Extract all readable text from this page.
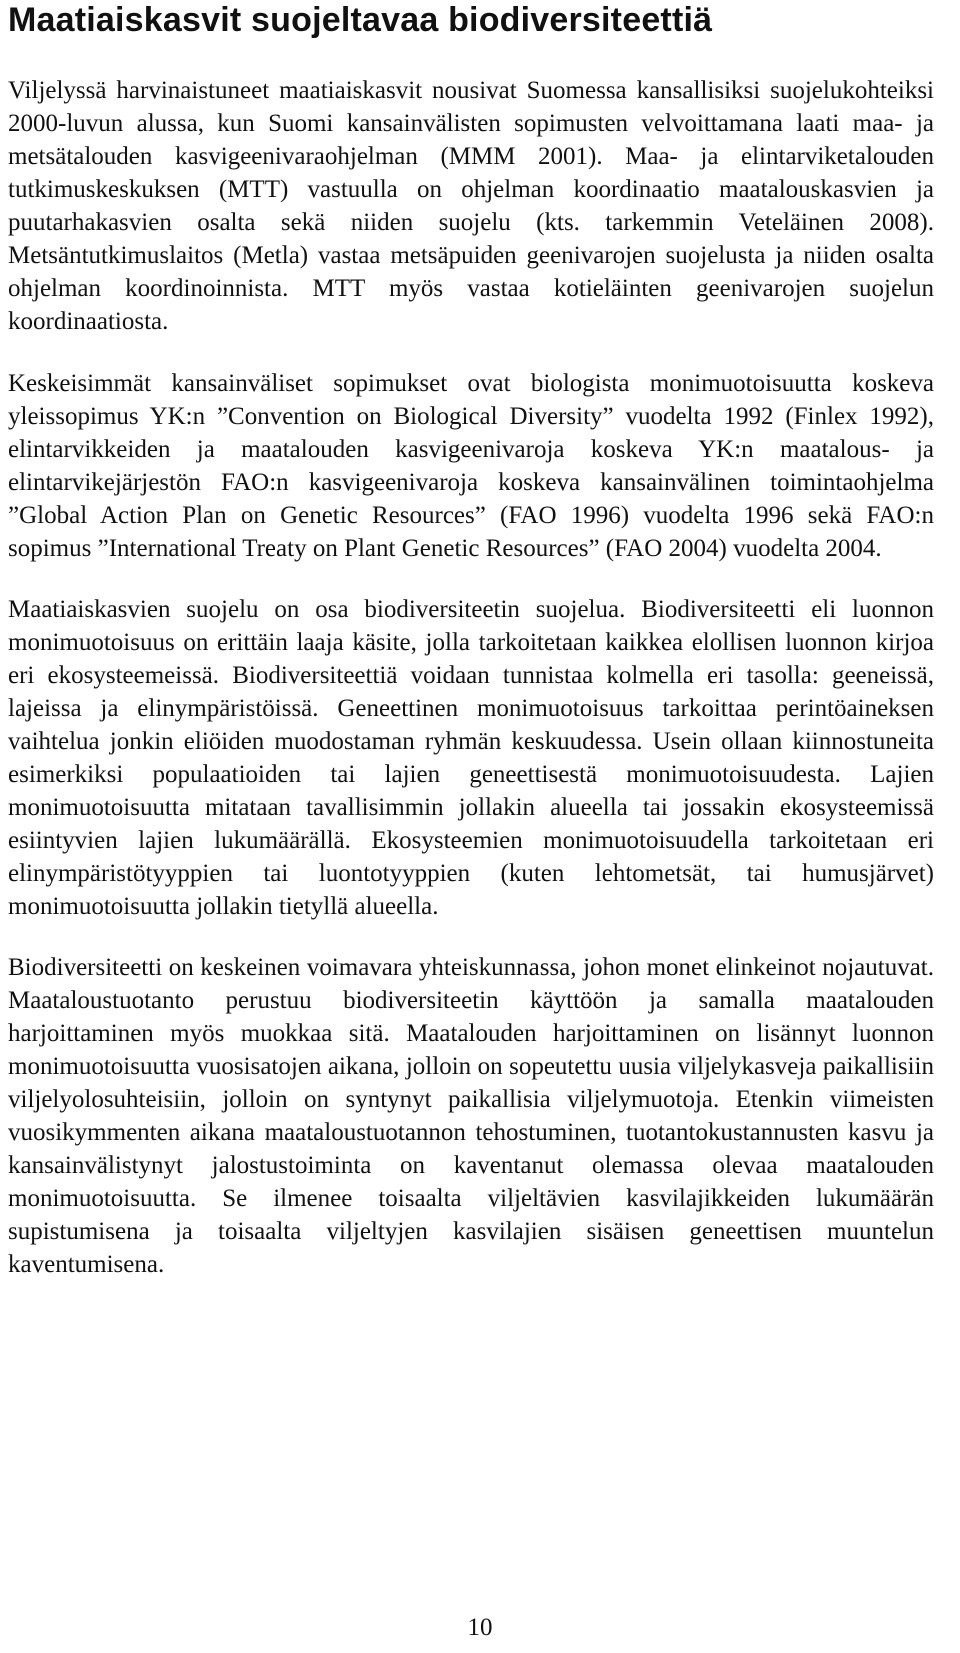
Maatiaiskasvit suojeltavaa biodiversiteettiä

Viljelyssä harvinaistuneet maatiaiskasvit nousivat Suomessa kansallisiksi suojelukohteiksi 2000-luvun alussa, kun Suomi kansainvälisten sopimusten velvoittamana laati maa- ja metsätalouden kasvigeenivaraohjelman (MMM 2001). Maa- ja elintarviketalouden tutkimuskeskuksen (MTT) vastuulla on ohjelman koordinaatio maatalouskasvien ja puutarhakasvien osalta sekä niiden suojelu (kts. tarkemmin Veteläinen 2008). Metsäntutkimuslaitos (Metla) vastaa metsäpuiden geenivarojen suojelusta ja niiden osalta ohjelman koordinoinnista. MTT myös vastaa kotieläinten geenivarojen suojelun koordinaatiosta.

Keskeisimmät kansainväliset sopimukset ovat biologista monimuotoisuutta koskeva yleissopimus YK:n ”Convention on Biological Diversity” vuodelta 1992 (Finlex 1992), elintarvikkeiden ja maatalouden kasvigeenivaroja koskeva YK:n maatalous- ja elintarvikejärjestön FAO:n kasvigeenivaroja koskeva kansainvälinen toimintaohjelma ”Global Action Plan on Genetic Resources” (FAO 1996) vuodelta 1996 sekä FAO:n sopimus ”International Treaty on Plant Genetic Resources” (FAO 2004) vuodelta 2004.

Maatiaiskasvien suojelu on osa biodiversiteetin suojelua. Biodiversiteetti eli luonnon monimuotoisuus on erittäin laaja käsite, jolla tarkoitetaan kaikkea elollisen luonnon kirjoa eri ekosysteemeissä. Biodiversiteettiä voidaan tunnistaa kolmella eri tasolla: geeneissä, lajeissa ja elinympäristöissä. Geneettinen monimuotoisuus tarkoittaa perintöaineksen vaihtelua jonkin eliöiden muodostaman ryhmän keskuudessa. Usein ollaan kiinnostuneita esimerkiksi populaatioiden tai lajien geneettisestä monimuotoisuudesta. Lajien monimuotoisuutta mitataan tavallisimmin jollakin alueella tai jossakin ekosysteemissä esiintyvien lajien lukumäärällä. Ekosysteemien monimuotoisuudella tarkoitetaan eri elinympäristötyyppien tai luontotyyppien (kuten lehtometsät, tai humusjärvet) monimuotoisuutta jollakin tietyllä alueella.

Biodiversiteetti on keskeinen voimavara yhteiskunnassa, johon monet elinkeinot nojautuvat. Maataloustuotanto perustuu biodiversiteetin käyttöön ja samalla maatalouden harjoittaminen myös muokkaa sitä. Maatalouden harjoittaminen on lisännyt luonnon monimuotoisuutta vuosisatojen aikana, jolloin on sopeutettu uusia viljelykasveja paikallisiin viljelyolosuhteisiin, jolloin on syntynyt paikallisia viljelymuotoja. Etenkin viimeisten vuosikymmenten aikana maataloustuotannon tehostuminen, tuotantokustannusten kasvu ja kansainvälistynyt jalostustoiminta on kaventanut olemassa olevaa maatalouden monimuotoisuutta. Se ilmenee toisaalta viljeltävien kasvilajikkeiden lukumäärän supistumisena ja toisaalta viljeltyjen kasvilajien sisäisen geneettisen muuntelun kaventumisena.

10
